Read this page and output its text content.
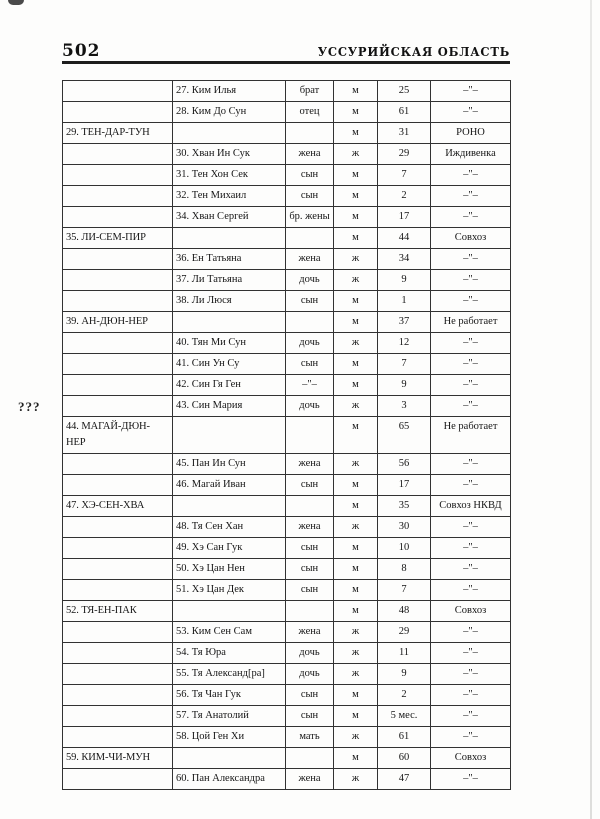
502	УССУРИЙСКАЯ ОБЛАСТЬ
???
	27. Ким Илья	брат	м	25	–"–
	28. Ким До Сун	отец	м	61	–"–
29. ТЕН-ДАР-ТУН			м	31	РОНО
	30. Хван Ин Сук	жена	ж	29	Иждивенка
	31. Тен Хон Сек	сын	м	7	–"–
	32. Тен Михаил	сын	м	2	–"–
	34. Хван Сергей	бр. жены	м	17	–"–
35. ЛИ-СЕМ-ПИР			м	44	Совхоз
	36. Ен Татьяна	жена	ж	34	–"–
	37. Ли Татьяна	дочь	ж	9	–"–
	38. Ли Люся	сын	м	1	–"–
39. АН-ДЮН-НЕР			м	37	Не работает
	40. Тян Ми Сун	дочь	ж	12	–"–
	41. Син Ун Су	сын	м	7	–"–
	42. Син Гя Ген	–"–	м	9	–"–
	43. Син Мария	дочь	ж	3	–"–
44. МАГАЙ-ДЮН-НЕР			м	65	Не работает
	45. Пан Ин Сун	жена	ж	56	–"–
	46. Магай Иван	сын	м	17	–"–
47. ХЭ-СЕН-ХВА			м	35	Совхоз НКВД
	48. Тя Сен Хан	жена	ж	30	–"–
	49. Хэ Сан Гук	сын	м	10	–"–
	50. Хэ Цан Нен	сын	м	8	–"–
	51. Хэ Цан Дек	сын	м	7	–"–
52. ТЯ-ЕН-ПАК			м	48	Совхоз
	53. Ким Сен Сам	жена	ж	29	–"–
	54. Тя Юра	дочь	ж	11	–"–
	55. Тя Александ[ра]	дочь	ж	9	–"–
	56. Тя Чан Гук	сын	м	2	–"–
	57. Тя Анатолий	сын	м	5 мес.	–"–
	58. Цой Ген Хи	мать	ж	61	–"–
59. КИМ-ЧИ-МУН			м	60	Совхоз
	60. Пан Александра	жена	ж	47	–"–
